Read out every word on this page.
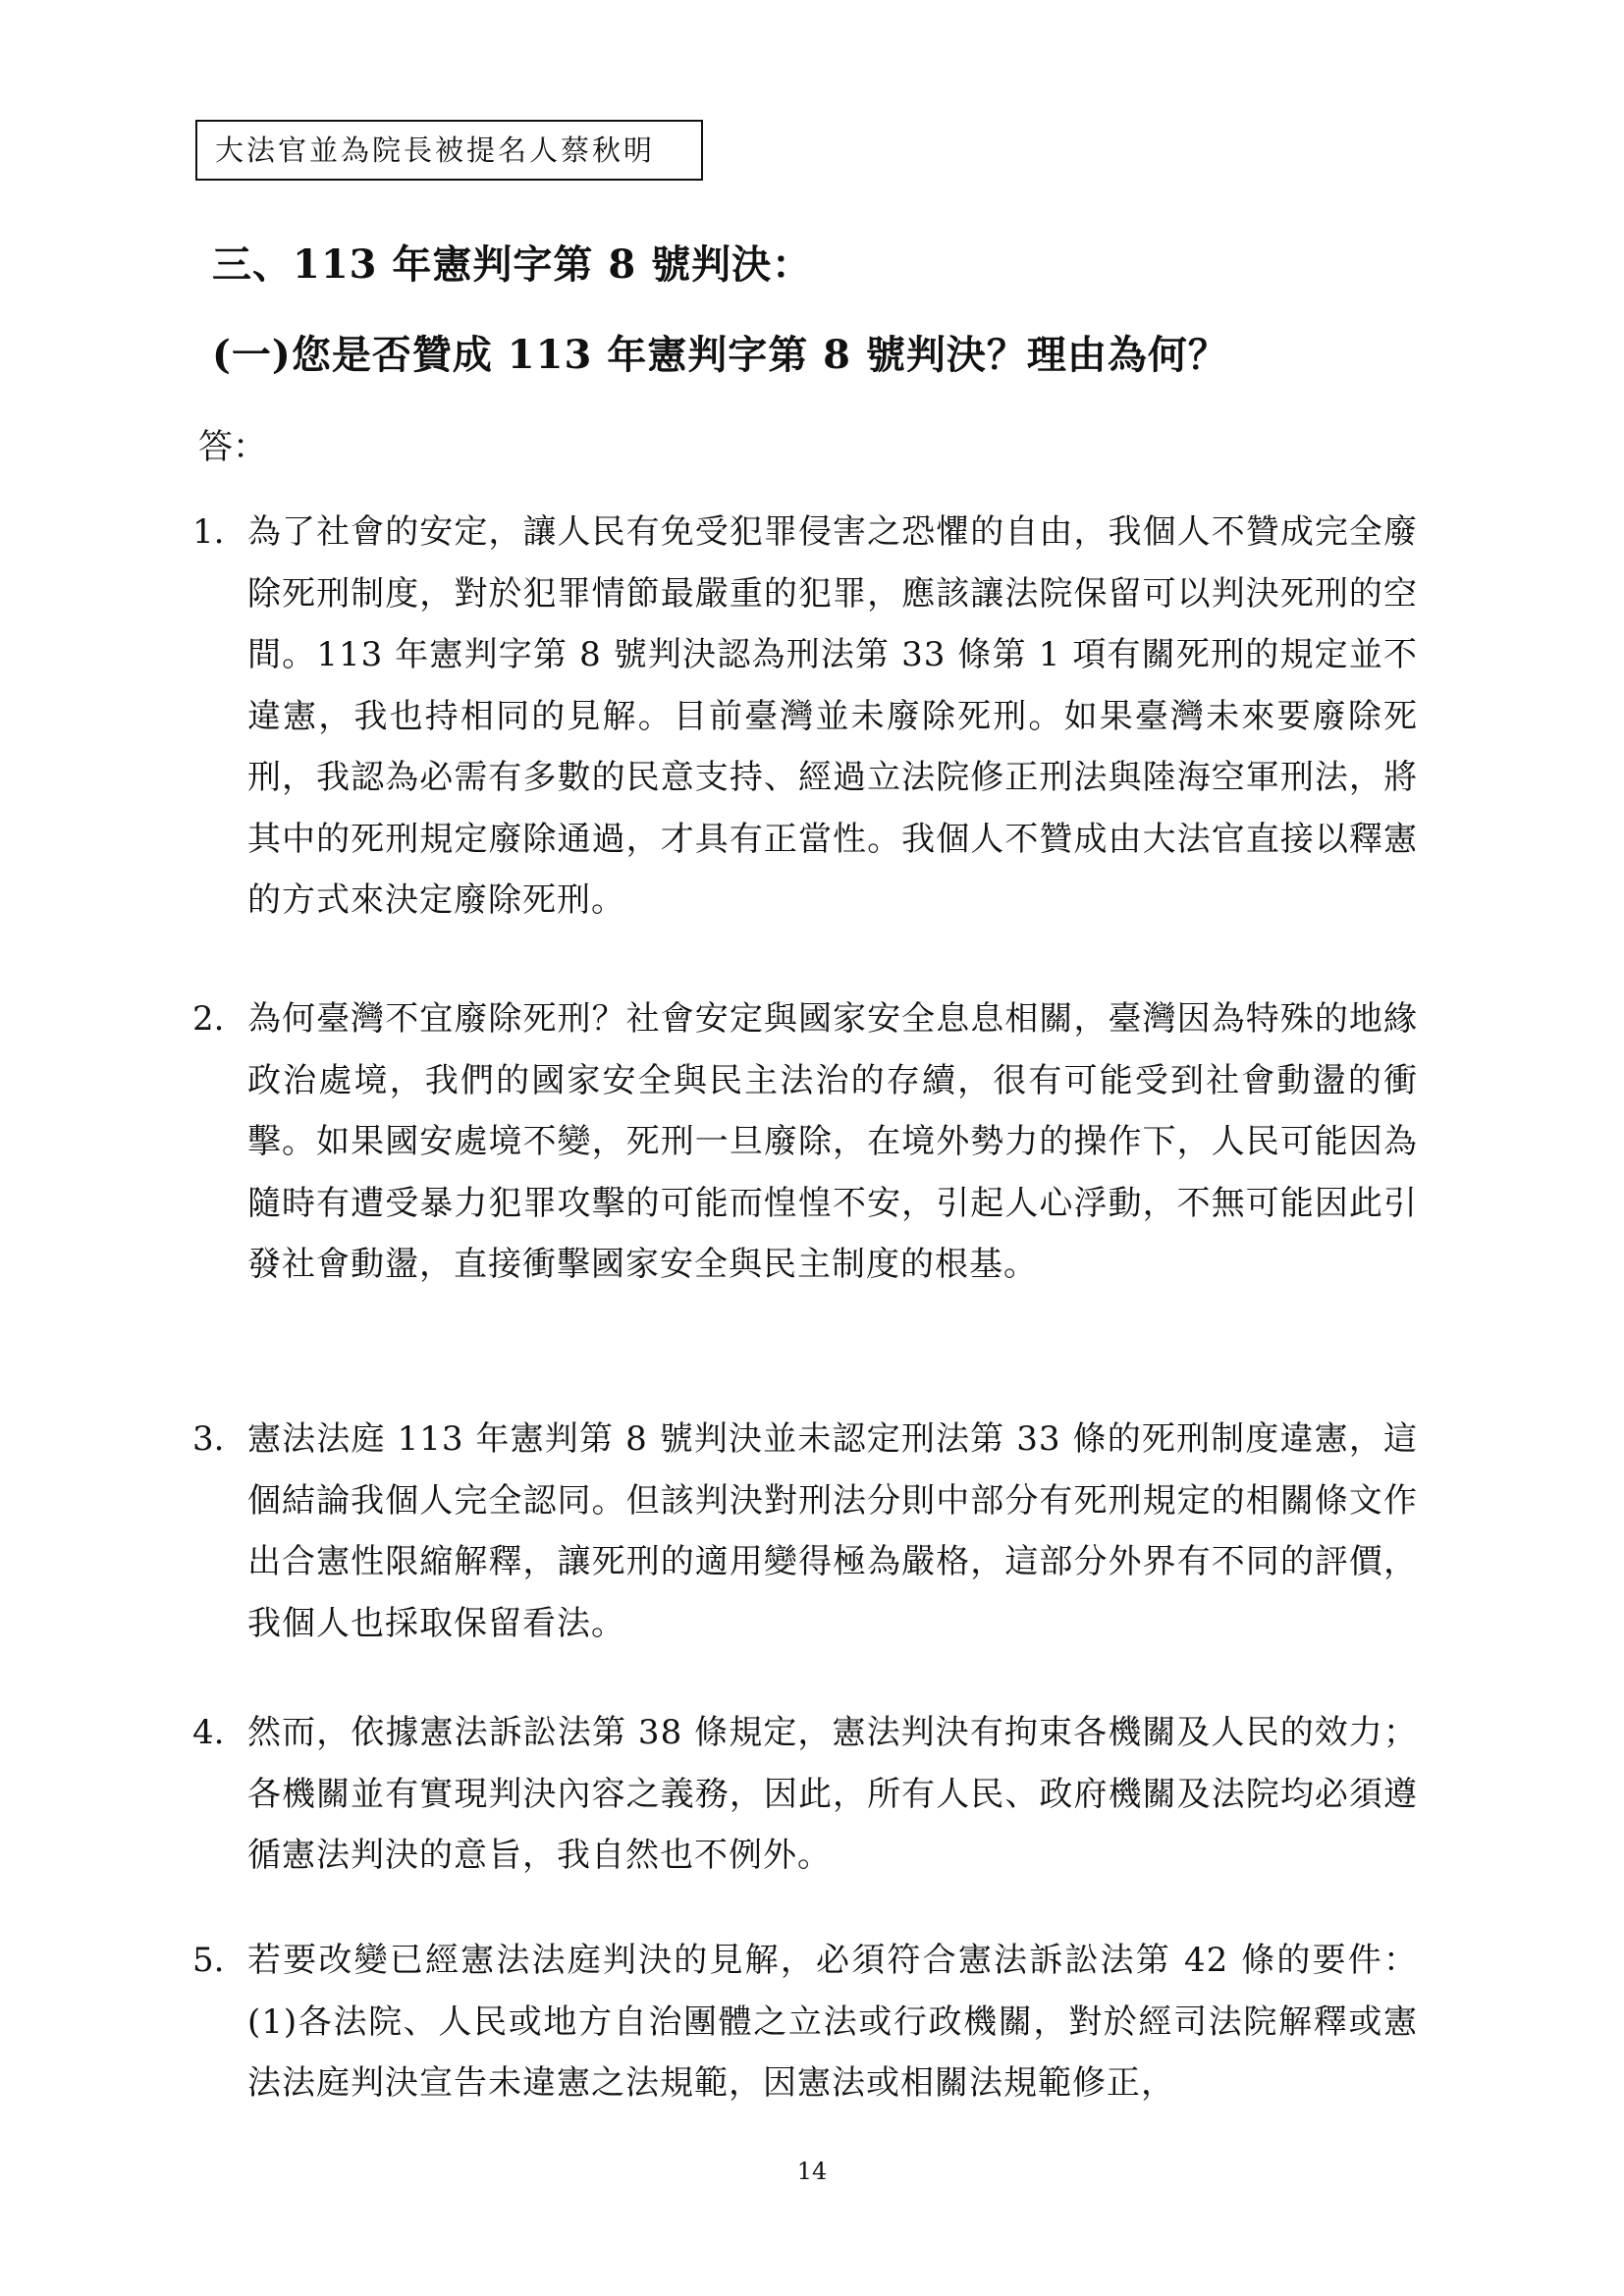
大法官並為院長被提名人蔡秋明
三、113 年憲判字第 8 號判決：
(一)您是否贊成 113 年憲判字第 8 號判決？理由為何？
答：
1. 為了社會的安定，讓人民有免受犯罪侵害之恐懼的自由，我個人不贊成完全廢除死刑制度，對於犯罪情節最嚴重的犯罪，應該讓法院保留可以判決死刑的空間。113 年憲判字第 8 號判決認為刑法第 33 條第 1 項有關死刑的規定並不違憲，我也持相同的見解。目前臺灣並未廢除死刑。如果臺灣未來要廢除死刑，我認為必需有多數的民意支持、經過立法院修正刑法與陸海空軍刑法，將其中的死刑規定廢除通過，才具有正當性。我個人不贊成由大法官直接以釋憲的方式來決定廢除死刑。
2. 為何臺灣不宜廢除死刑？社會安定與國家安全息息相關，臺灣因為特殊的地緣政治處境，我們的國家安全與民主法治的存續，很有可能受到社會動盪的衝擊。如果國安處境不變，死刑一旦廢除，在境外勢力的操作下，人民可能因為隨時有遭受暴力犯罪攻擊的可能而惶惶不安，引起人心浮動，不無可能因此引發社會動盪，直接衝擊國家安全與民主制度的根基。
3. 憲法法庭 113 年憲判第 8 號判決並未認定刑法第 33 條的死刑制度違憲，這個結論我個人完全認同。但該判決對刑法分則中部分有死刑規定的相關條文作出合憲性限縮解釋，讓死刑的適用變得極為嚴格，這部分外界有不同的評價，我個人也採取保留看法。
4. 然而，依據憲法訴訟法第 38 條規定，憲法判決有拘束各機關及人民的效力；各機關並有實現判決內容之義務，因此，所有人民、政府機關及法院均必須遵循憲法判決的意旨，我自然也不例外。
5. 若要改變已經憲法法庭判決的見解，必須符合憲法訴訟法第 42 條的要件：(1)各法院、人民或地方自治團體之立法或行政機關，對於經司法院解釋或憲法法庭判決宣告未違憲之法規範，因憲法或相關法規範修正，
14
